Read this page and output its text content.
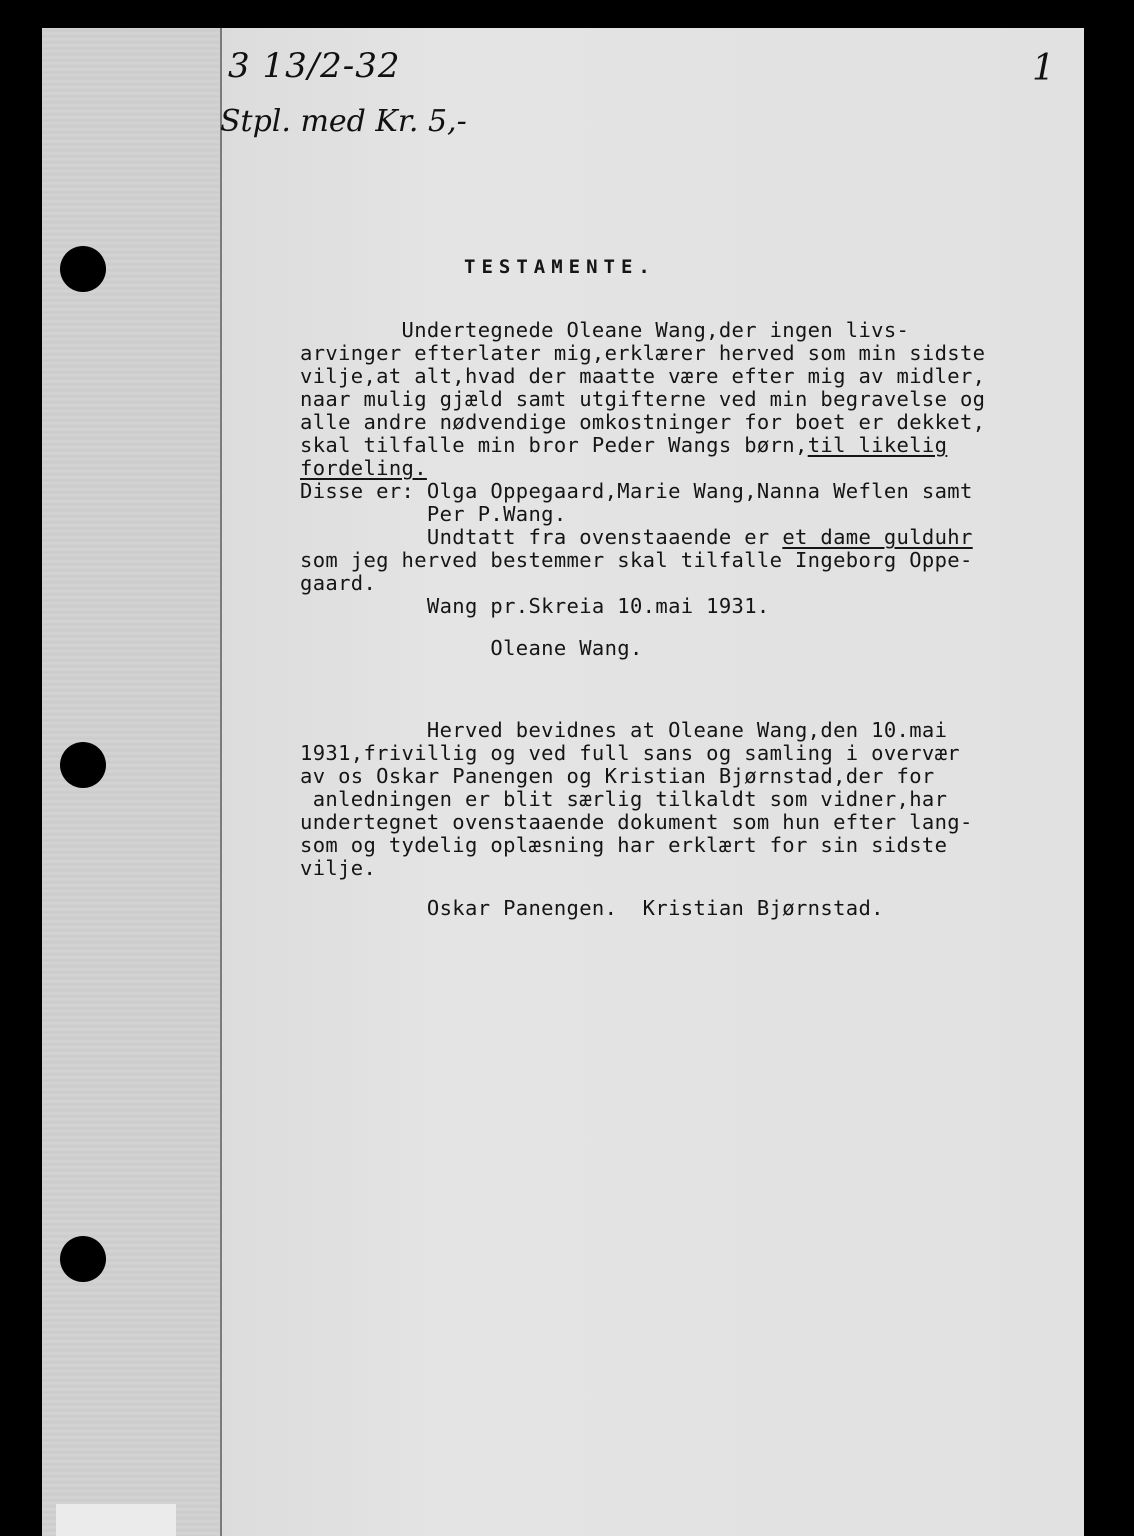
3 13/2-32
Stpl. med Kr. 5,-
1
TESTAMENTE.
Undertegnede Oleane Wang,der ingen livs-
arvinger efterlater mig,erklærer herved som min sidste
vilje,at alt,hvad der maatte være efter mig av midler,
naar mulig gjæld samt utgifterne ved min begravelse og
alle andre nødvendige omkostninger for boet er dekket,
skal tilfalle min bror Peder Wangs børn,til likelig
fordeling.
Disse er: Olga Oppegaard,Marie Wang,Nanna Weflen samt
Per P.Wang.
Undtatt fra ovenstaaende er et dame gulduhr
som jeg herved bestemmer skal tilfalle Ingeborg Oppe-
gaard.
Wang pr.Skreia 10.mai 1931.
Oleane Wang.
Herved bevidnes at Oleane Wang,den 10.mai
1931,frivillig og ved full sans og samling i overvær
av os Oskar Panengen og Kristian Bjørnstad,der for
anledningen er blit særlig tilkaldt som vidner,har
undertegnet ovenstaaende dokument som hun efter lang-
som og tydelig oplæsning har erklært for sin sidste
vilje.
Oskar Panengen.  Kristian Bjørnstad.
